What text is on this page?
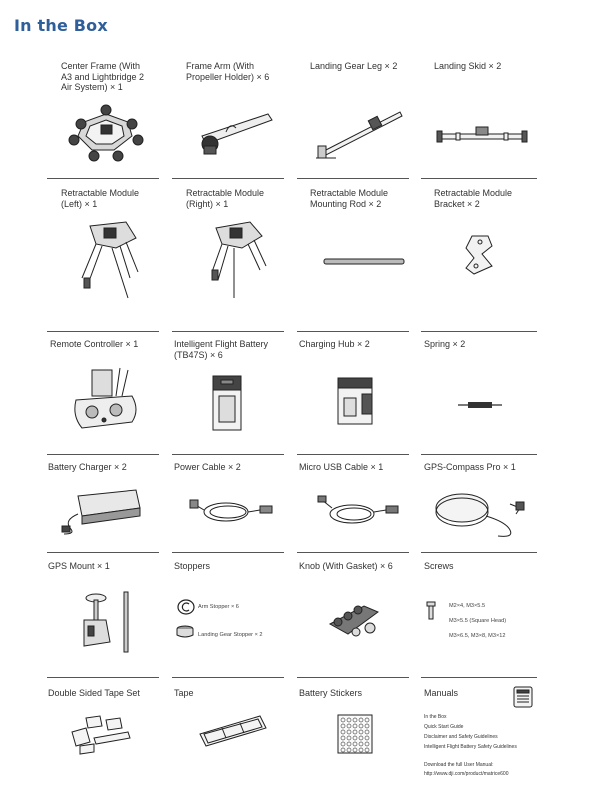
In the Box
Center Frame (With
A3 and Lightbridge 2
Air System) × 1
Frame Arm (With
Propeller Holder) × 6
Landing Gear Leg × 2	Landing Skid × 2
Retractable Module
(Left) × 1
Retractable Module
(Right) × 1
Retractable Module
Mounting Rod × 2
Retractable Module
Bracket × 2
Remote Controller × 1	Intelligent Flight Battery
(TB47S) × 6
Charging Hub × 2	Spring × 2
Battery Charger × 2	Power Cable × 2	Micro USB Cable × 1	GPS-Compass Pro × 1
GPS Mount × 1	Stoppers
Arm Stopper × 6
Landing Gear Stopper × 2
Knob (With Gasket) × 6	Screws
M2×4, M3×5.5
M3×5.5 (Square Head)
M3×6.5, M3×8, M3×12
Double Sided Tape Set	Tape	Battery Stickers	Manuals
In the Box
Quick Start Guide
Disclaimer and Safety Guidelines
Intelligent Flight Battery Safety Guidelines
Download the full User Manual:
http://www.dji.com/product/matrice600
